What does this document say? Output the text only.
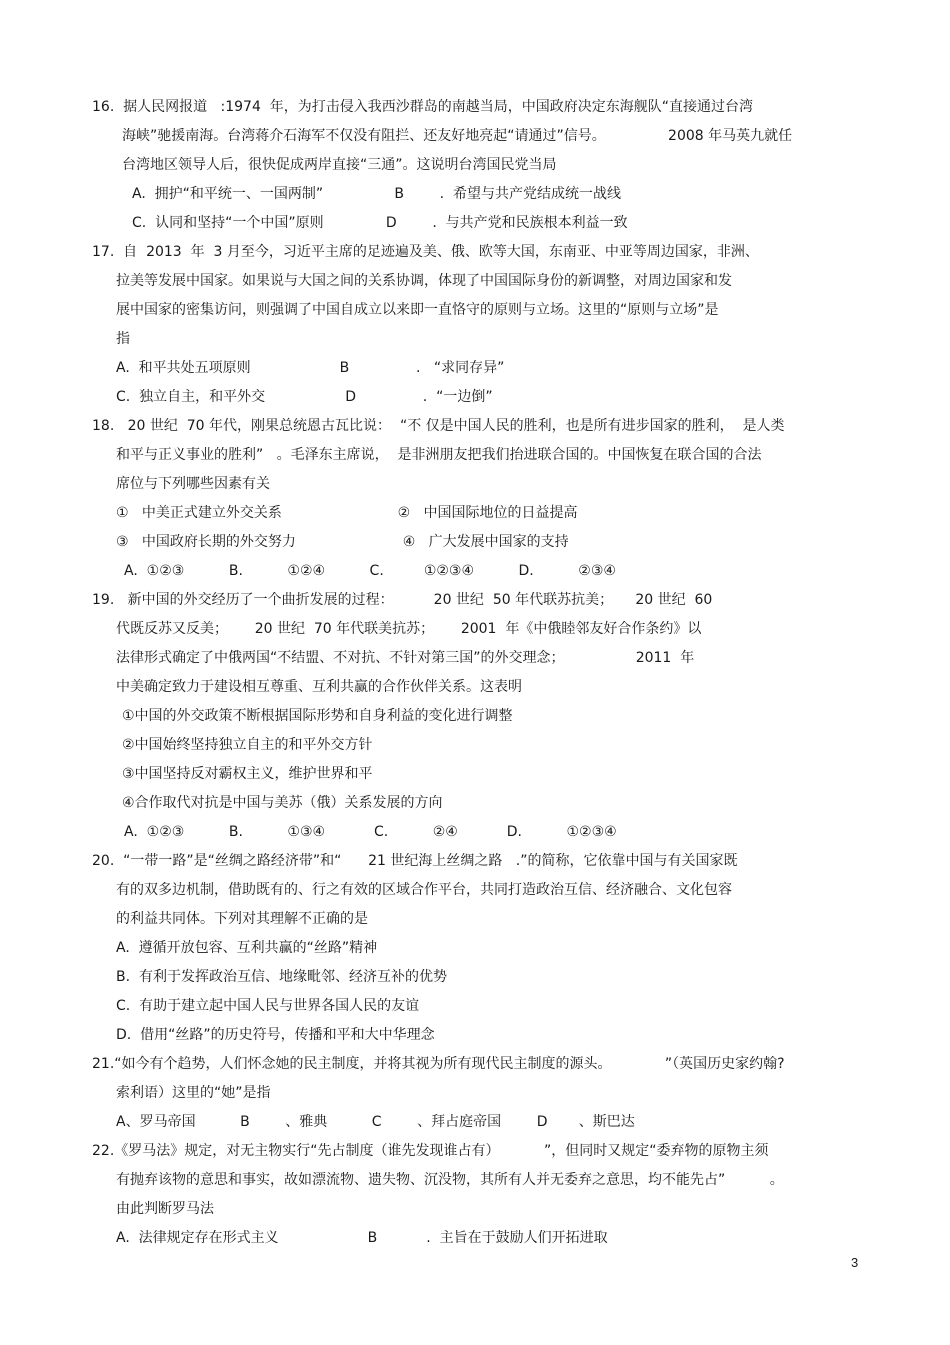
16.  据人民网报道   :1974  年，为打击侵入我西沙群岛的南越当局，中国政府决定东海舰队“直接通过台湾
海峡”驰援南海。台湾蒋介石海军不仅没有阻拦、还友好地亮起“请通过”信号。              2008 年马英九就任
台湾地区领导人后，很快促成两岸直接“三通”。这说明台湾国民党当局
A.  拥护“和平统一、一国两制”                B        .  希望与共产党结成统一战线
C.  认同和坚持“一个中国”原则              D        .  与共产党和民族根本利益一致
17.  自  2013  年  3 月至今，习近平主席的足迹遍及美、俄、欧等大国，东南亚、中亚等周边国家，非洲、
拉美等发展中国家。如果说与大国之间的关系协调，体现了中国国际身份的新调整，对周边国家和发
展中国家的密集访问，则强调了中国自成立以来即一直恪守的原则与立场。这里的“原则与立场”是
指
A.  和平共处五项原则                    B               .   “求同存异”
C.  独立自主，和平外交                  D               .  “一边倒”
18.   20 世纪  70 年代，刚果总统恩古瓦比说：  “不 仅是中国人民的胜利，也是所有进步国家的胜利，  是人类
和平与正义事业的胜利”   。毛泽东主席说，  是非洲朋友把我们抬进联合国的。中国恢复在联合国的合法
席位与下列哪些因素有关
①   中美正式建立外交关系                          ②   中国国际地位的日益提高
③   中国政府长期的外交努力                        ④   广大发展中国家的支持
A.  ①②③          B.          ①②④          C.         ①②③④          D.          ②③④
19.   新中国的外交经历了一个曲折发展的过程：         20 世纪  50 年代联苏抗美；     20 世纪  60
代既反苏又反美；      20 世纪  70 年代联美抗苏；      2001  年《中俄睦邻友好合作条约》以
法律形式确定了中俄两国“不结盟、不对抗、不针对第三国”的外交理念；                2011  年
中美确定致力于建设相互尊重、互利共赢的合作伙伴关系。这表明
①中国的外交政策不断根据国际形势和自身利益的变化进行调整
②中国始终坚持独立自主的和平外交方针
③中国坚持反对霸权主义，维护世界和平
④合作取代对抗是中国与美苏（俄）关系发展的方向
A.  ①②③          B.          ①③④           C.          ②④           D.          ①②③④
20.  “一带一路”是“丝绸之路经济带”和“      21 世纪海上丝绸之路   .”的简称，它依靠中国与有关国家既
有的双多边机制，借助既有的、行之有效的区域合作平台，共同打造政治互信、经济融合、文化包容
的利益共同体。下列对其理解不正确的是
A.  遵循开放包容、互利共赢的“丝路”精神
B.  有利于发挥政治互信、地缘毗邻、经济互补的优势
C.  有助于建立起中国人民与世界各国人民的友谊
D.  借用“丝路”的历史符号，传播和平和大中华理念
21.“如今有个趋势，人们怀念她的民主制度，并将其视为所有现代民主制度的源头。            ”（英国历史家约翰?
索利语）这里的“她”是指
A、罗马帝国          B        、雅典          C        、拜占庭帝国        D       、斯巴达
22.《罗马法》规定，对无主物实行“先占制度（谁先发现谁占有）          ”，但同时又规定“委弃物的原物主须
有抛弃该物的意思和事实，故如漂流物、遗失物、沉没物，其所有人并无委弃之意思，均不能先占”          。
由此判断罗马法
A.  法律规定存在形式主义                    B           .  主旨在于鼓励人们开拓进取
3
